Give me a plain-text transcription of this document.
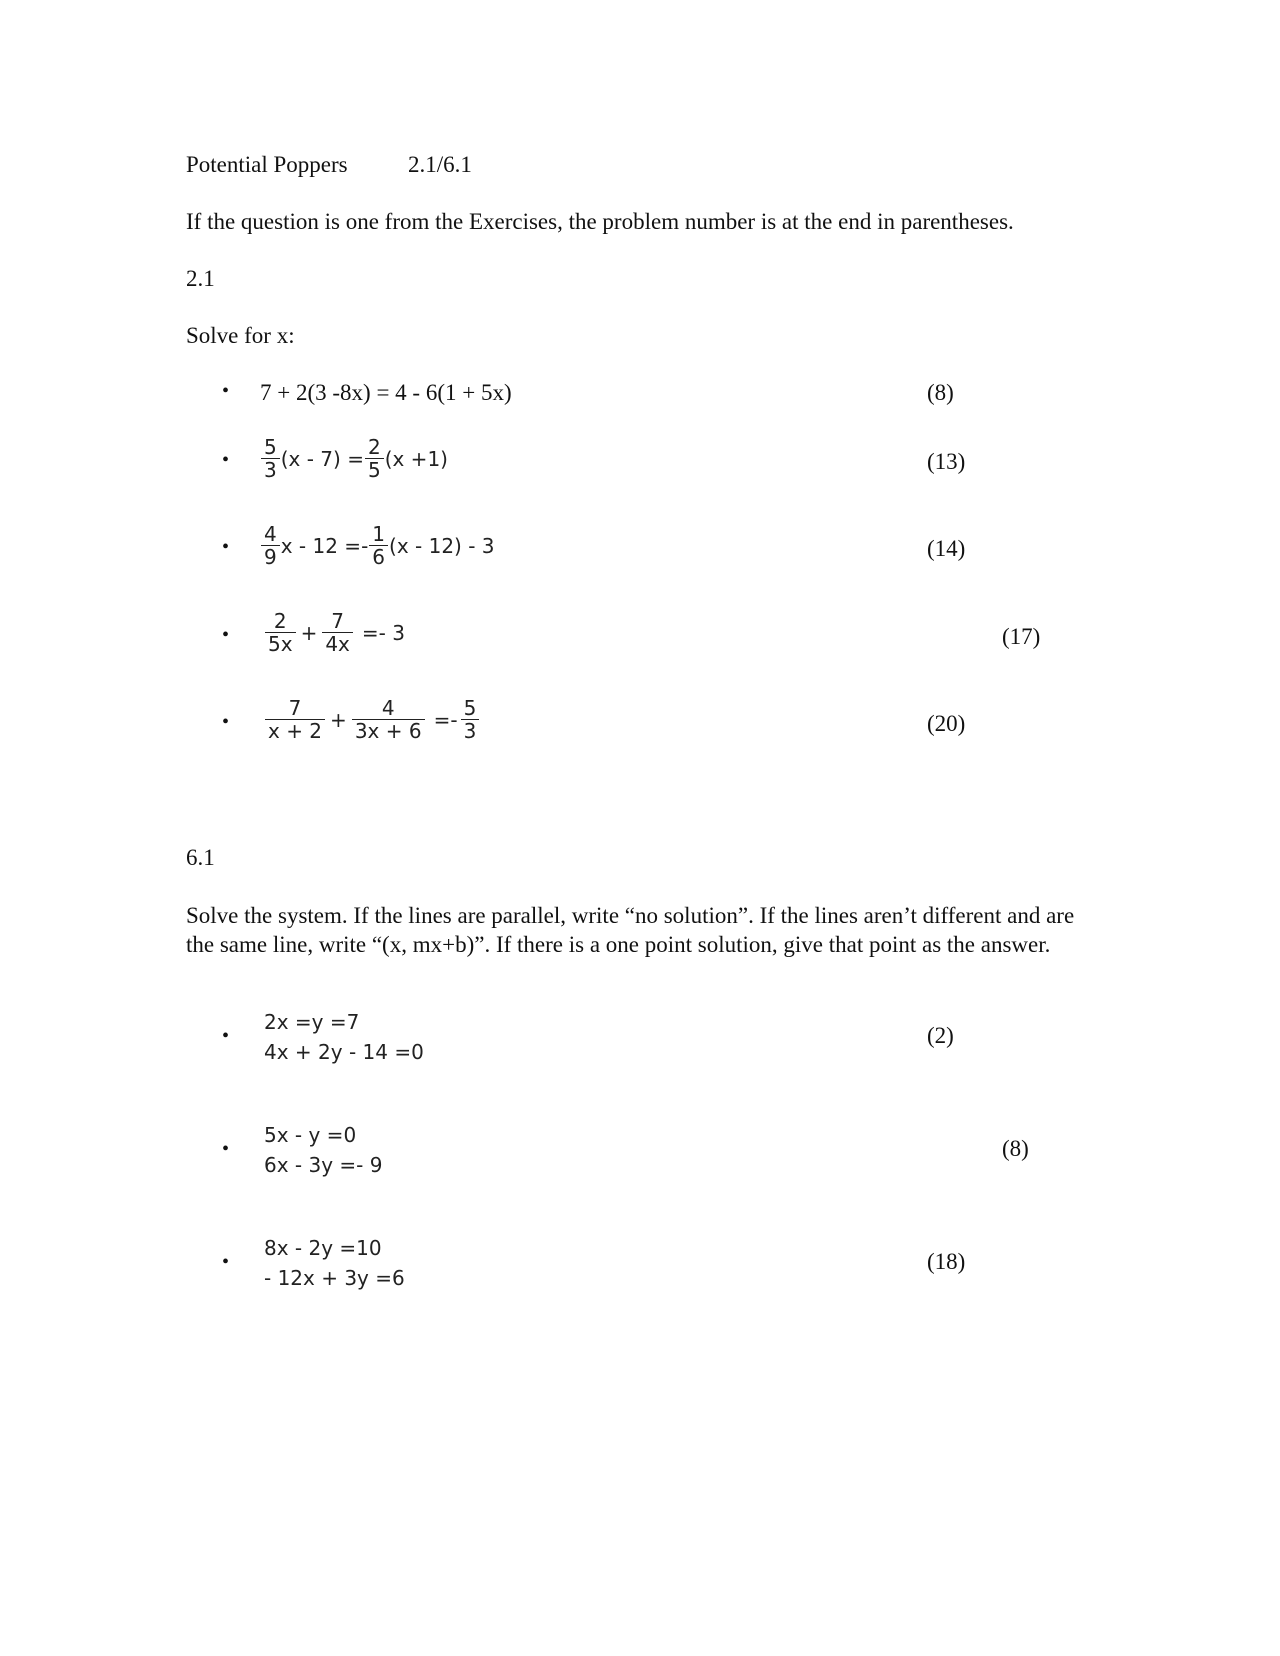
Potential Poppers	2.1/6.1
If the question is one from the Exercises, the problem number is at the end in parentheses.
2.1
Solve for x:
• 7 + 2(3 -8x) = 4 - 6(1 + 5x)	(8)
• $\frac{5}{3} (x - 7) = \frac{2}{5} (x +1)$	(13)
• $\frac{4}{9}$ $x - 12 =- \frac{1}{6} (x - 12) - 3$	(14)
• $\frac{2}{5x} + \frac{7}{4x} =- 3$	(17)
• $\frac{7}{x + 2} + \frac{4}{3x + 6} =- \frac{5}{3}$	(20)
6.1
Solve the system. If the lines are parallel, write “no solution”. If the lines aren’t different and are the same line, write “(x, mx+b)”. If there is a one point solution, give that point as the answer.
•
2x =y =7
4x + 2y - 14 =0
(2)
•
5x - y =0
6x - 3y =- 9
(8)
•
8x - 2y =10
- 12x + 3y =6
(18)
